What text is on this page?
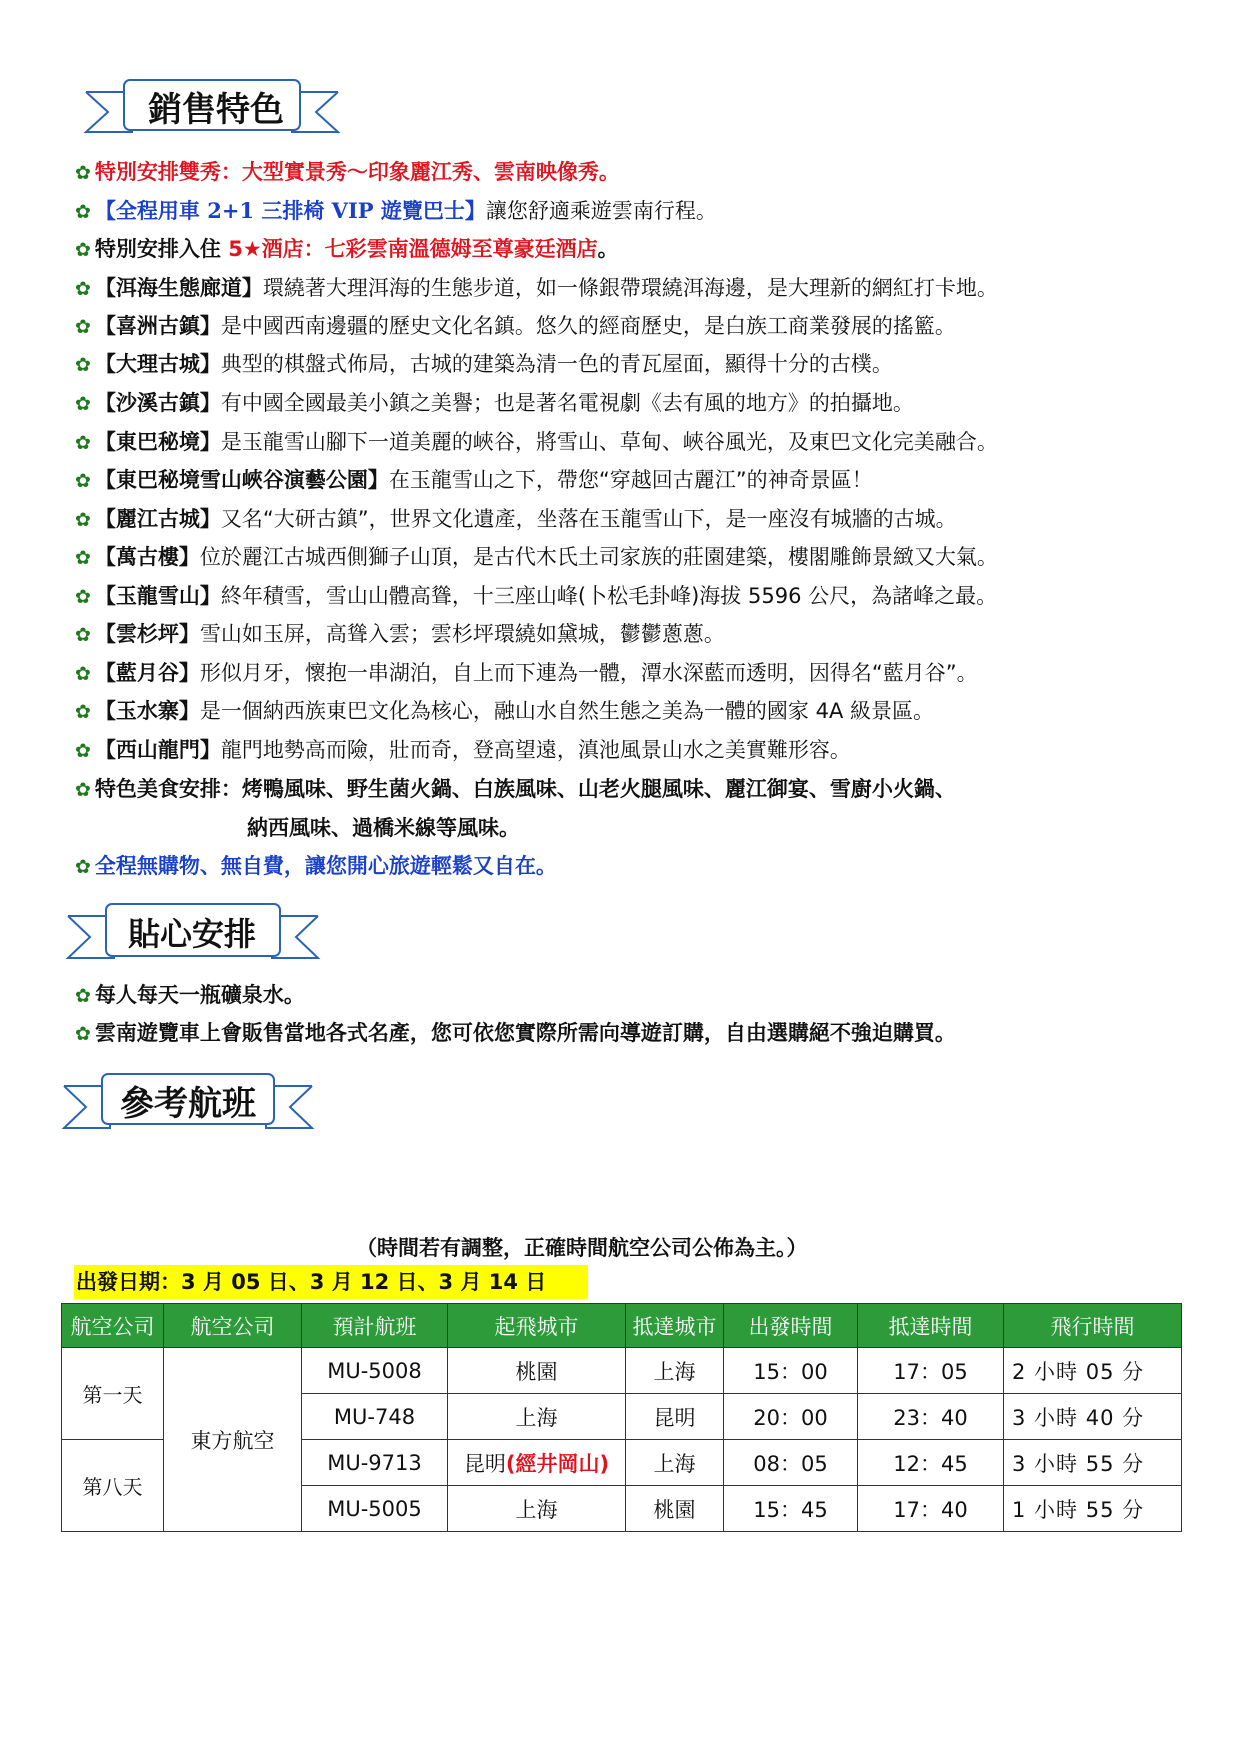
銷售特色
✿ 特別安排雙秀：大型實景秀～印象麗江秀、雲南映像秀。
✿ 【全程用車 2+1 三排椅 VIP 遊覽巴士】讓您舒適乘遊雲南行程。
✿ 特別安排入住 5★酒店：七彩雲南溫德姆至尊豪廷酒店。
✿ 【洱海生態廊道】環繞著大理洱海的生態步道，如一條銀帶環繞洱海邊，是大理新的網紅打卡地。
✿ 【喜洲古鎮】是中國西南邊疆的歷史文化名鎮。悠久的經商歷史，是白族工商業發展的搖籃。
✿ 【大理古城】典型的棋盤式佈局，古城的建築為清一色的青瓦屋面，顯得十分的古樸。
✿ 【沙溪古鎮】有中國全國最美小鎮之美譽；也是著名電視劇《去有風的地方》的拍攝地。
✿ 【東巴秘境】是玉龍雪山腳下一道美麗的峽谷，將雪山、草甸、峽谷風光，及東巴文化完美融合。
✿ 【東巴秘境雪山峽谷演藝公園】在玉龍雪山之下，帶您“穿越回古麗江”的神奇景區！
✿ 【麗江古城】又名“大研古鎮”，世界文化遺產，坐落在玉龍雪山下，是一座沒有城牆的古城。
✿ 【萬古樓】位於麗江古城西側獅子山頂，是古代木氏土司家族的莊園建築，樓閣雕飾景緻又大氣。
✿ 【玉龍雪山】終年積雪，雪山山體高聳，十三座山峰(卜松毛卦峰)海拔 5596 公尺，為諸峰之最。
✿ 【雲杉坪】雪山如玉屏，高聳入雲；雲杉坪環繞如黛城，鬱鬱蔥蔥。
✿ 【藍月谷】形似月牙，懷抱一串湖泊，自上而下連為一體，潭水深藍而透明，因得名“藍月谷”。
✿ 【玉水寨】是一個納西族東巴文化為核心，融山水自然生態之美為一體的國家 4A 級景區。
✿ 【西山龍門】龍門地勢高而險，壯而奇，登高望遠，滇池風景山水之美實難形容。
✿ 特色美食安排：烤鴨風味、野生菌火鍋、白族風味、山老火腿風味、麗江御宴、雪廚小火鍋、
納西風味、過橋米線等風味。
✿ 全程無購物、無自費，讓您開心旅遊輕鬆又自在。
貼心安排
✿ 每人每天一瓶礦泉水。
✿ 雲南遊覽車上會販售當地各式名產，您可依您實際所需向導遊訂購，自由選購絕不強迫購買。
參考航班
（時間若有調整，正確時間航空公司公佈為主。）
出發日期：3 月 05 日、3 月 12 日、3 月 14 日
航空公司	航空公司	預計航班	起飛城市	抵達城市	出發時間	抵達時間	飛行時間
第一天	東方航空	MU-5008	桃園	上海	15：00	17：05	2 小時 05 分
		MU-748	上海	昆明	20：00	23：40	3 小時 40 分
第八天		MU-9713	昆明(經井岡山)	上海	08：05	12：45	3 小時 55 分
		MU-5005	上海	桃園	15：45	17：40	1 小時 55 分
